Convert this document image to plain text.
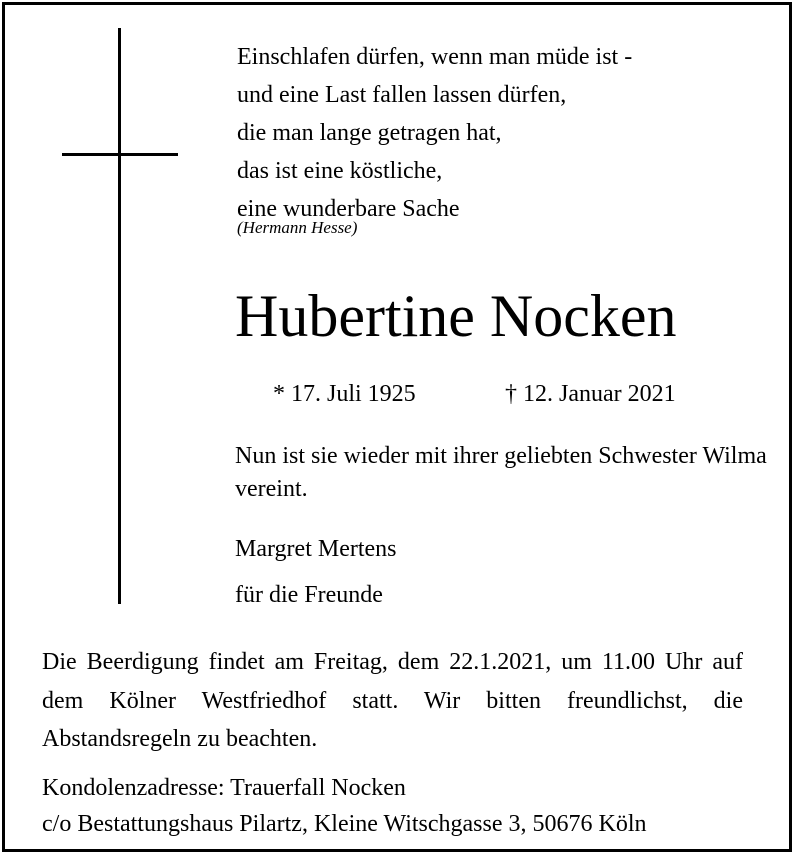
Einschlafen dürfen, wenn man müde ist -
und eine Last fallen lassen dürfen,
die man lange getragen hat,
das ist eine köstliche,
eine wunderbare Sache
(Hermann Hesse)
Hubertine Nocken
* 17. Juli 1925	† 12. Januar 2021
Nun ist sie wieder mit ihrer geliebten Schwester Wilma vereint.
Margret Mertens
für die Freunde
Die Beerdigung findet am Freitag, dem 22.1.2021, um 11.00 Uhr auf dem Kölner Westfriedhof statt. Wir bitten freundlichst, die Abstandsregeln zu beachten.
Kondolenzadresse: Trauerfall Nocken
c/o Bestattungshaus Pilartz, Kleine Witschgasse 3, 50676 Köln
